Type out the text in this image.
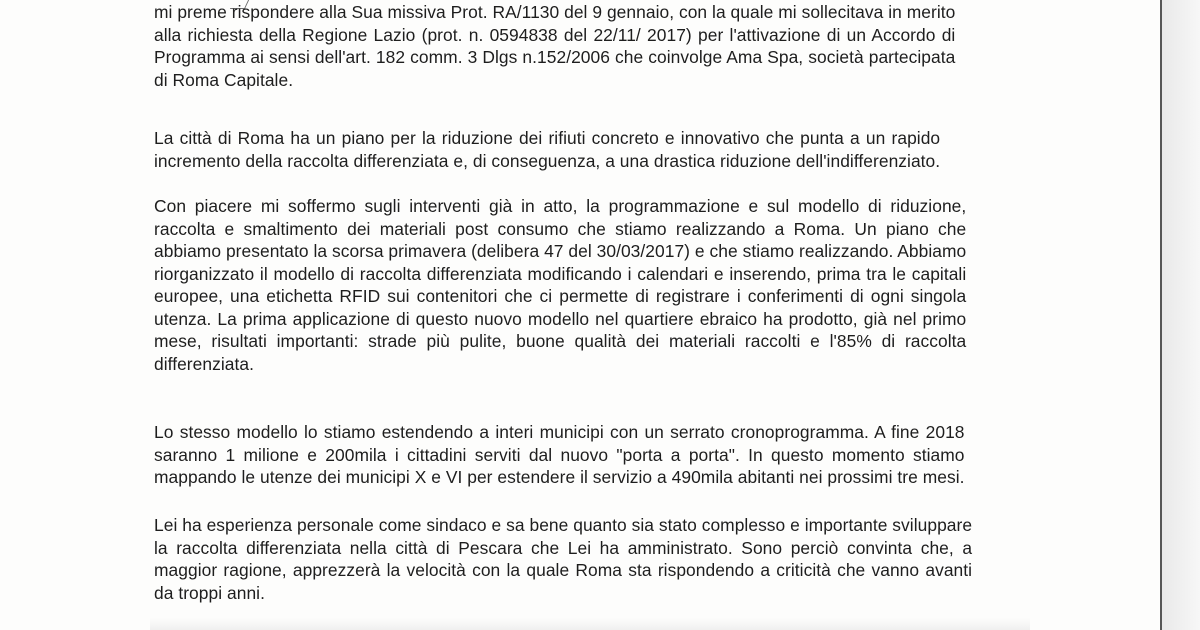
mi preme rispondere alla Sua missiva Prot. RA/1130 del 9 gennaio, con la quale mi sollecitava in merito
alla richiesta della Regione Lazio (prot. n. 0594838 del 22/11/ 2017) per l'attivazione di un Accordo di
Programma ai sensi dell'art. 182 comm. 3 Dlgs n.152/2006 che coinvolge Ama Spa, società partecipata
di Roma Capitale.

La città di Roma ha un piano per la riduzione dei rifiuti concreto e innovativo che punta a un rapido
incremento della raccolta differenziata e, di conseguenza, a una drastica riduzione dell'indifferenziato.

Con piacere mi soffermo sugli interventi già in atto, la programmazione e sul modello di riduzione,
raccolta e smaltimento dei materiali post consumo che stiamo realizzando a Roma. Un piano che
abbiamo presentato la scorsa primavera (delibera 47 del 30/03/2017) e che stiamo realizzando. Abbiamo
riorganizzato il modello di raccolta differenziata modificando i calendari e inserendo, prima tra le capitali
europee, una etichetta RFID sui contenitori che ci permette di registrare i conferimenti di ogni singola
utenza. La prima applicazione di questo nuovo modello nel quartiere ebraico ha prodotto, già nel primo
mese, risultati importanti: strade più pulite, buone qualità dei materiali raccolti e l'85% di raccolta
differenziata.

Lo stesso modello lo stiamo estendendo a interi municipi con un serrato cronoprogramma. A fine 2018
saranno 1 milione e 200mila i cittadini serviti dal nuovo "porta a porta". In questo momento stiamo
mappando le utenze dei municipi X e VI per estendere il servizio a 490mila abitanti nei prossimi tre mesi.

Lei ha esperienza personale come sindaco e sa bene quanto sia stato complesso e importante sviluppare
la raccolta differenziata nella città di Pescara che Lei ha amministrato. Sono perciò convinta che, a
maggior ragione, apprezzerà la velocità con la quale Roma sta rispondendo a criticità che vanno avanti
da troppi anni.
